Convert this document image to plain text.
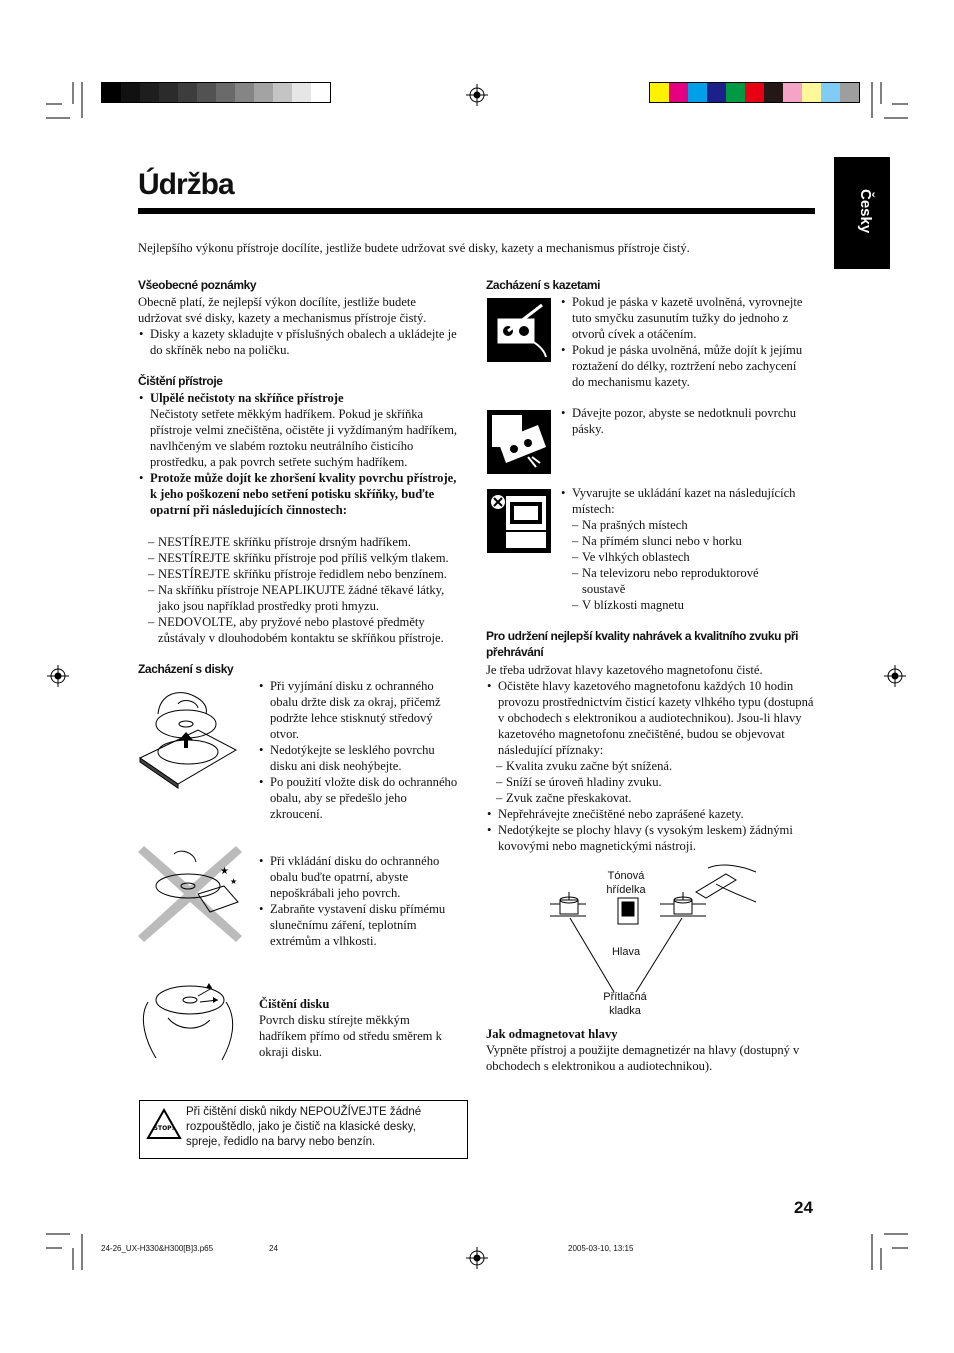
Údržba
Česky
Nejlepšího výkonu přístroje docílíte, jestliže budete udržovat své disky, kazety a mechanismus přístroje čistý.
Všeobecné poznámky
Obecně platí, že nejlepší výkon docílíte, jestliže budete udržovat své disky, kazety a mechanismus přístroje čistý.
• Disky a kazety skladujte v příslušných obalech a ukládejte je do skříněk nebo na poličku.
Čištění přístroje
• Ulpělé nečistoty na skříňce přístroje
Nečistoty setřete měkkým hadříkem. Pokud je skříňka přístroje velmi znečištěna, očistěte ji vyždímaným hadříkem, navlhčeným ve slabém roztoku neutrálního čisticího prostředku, a pak povrch setřete suchým hadříkem.
• Protože může dojít ke zhoršení kvality povrchu přístroje, k jeho poškození nebo setření potisku skříňky, buďte opatrní při následujících činnostech:
– NESTÍREJTE skříňku přístroje drsným hadříkem.
– NESTÍREJTE skříňku přístroje pod příliš velkým tlakem.
– NESTÍREJTE skříňku přístroje ředidlem nebo benzínem.
– Na skříňku přístroje NEAPLIKUJTE žádné těkavé látky, jako jsou například prostředky proti hmyzu.
– NEDOVOLTE, aby pryžové nebo plastové předměty zůstávaly v dlouhodobém kontaktu se skříňkou přístroje.
Zacházení s disky
• Při vyjímání disku z ochranného obalu držte disk za okraj, přičemž podržte lehce stisknutý středový otvor.
• Nedotýkejte se lesklého povrchu disku ani disk neohýbejte.
• Po použití vložte disk do ochranného obalu, aby se předešlo jeho zkroucení.
★
★
• Při vkládání disku do ochranného obalu buďte opatrní, abyste nepoškrábali jeho povrch.
• Zabraňte vystavení disku přímému slunečnímu záření, teplotním extrémům a vlhkosti.
Čištění disku
Povrch disku stírejte měkkým hadříkem přímo od středu směrem k okraji disku.
STOP!
Při čištění disků nikdy NEPOUŽÍVEJTE žádné rozpouštědlo, jako je čistič na klasické desky, spreje, ředidlo na barvy nebo benzín.
Zacházení s kazetami
• Pokud je páska v kazetě uvolněná, vyrovnejte tuto smyčku zasunutím tužky do jednoho z otvorů cívek a otáčením.
• Pokud je páska uvolněná, může dojít k jejímu roztažení do délky, roztržení nebo zachycení do mechanismu kazety.
• Dávejte pozor, abyste se nedotknuli povrchu pásky.
• Vyvarujte se ukládání kazet na následujících místech:
– Na prašných místech
– Na přímém slunci nebo v horku
– Ve vlhkých oblastech
– Na televizoru nebo reproduktorové soustavě
– V blízkosti magnetu
Pro udržení nejlepší kvality nahrávek a kvalitního zvuku při přehrávání
Je třeba udržovat hlavy kazetového magnetofonu čisté.
• Očistěte hlavy kazetového magnetofonu každých 10 hodin provozu prostřednictvím čisticí kazety vlhkého typu (dostupná v obchodech s elektronikou a audiotechnikou). Jsou-li hlavy kazetového magnetofonu znečištěné, budou se objevovat následující příznaky:
– Kvalita zvuku začne být snížená.
– Sníží se úroveň hladiny zvuku.
– Zvuk začne přeskakovat.
• Nepřehrávejte znečištěné nebo zaprášené kazety.
• Nedotýkejte se plochy hlavy (s vysokým leskem) žádnými kovovými nebo magnetickými nástroji.
Tónová hřídelka
Hlava
Přítlačná kladka
Jak odmagnetovat hlavy
Vypněte přístroj a použijte demagnetizér na hlavy (dostupný v obchodech s elektronikou a audiotechnikou).
24
24-26_UX-H330&H300[B]3.p65	24	2005-03-10, 13:15
